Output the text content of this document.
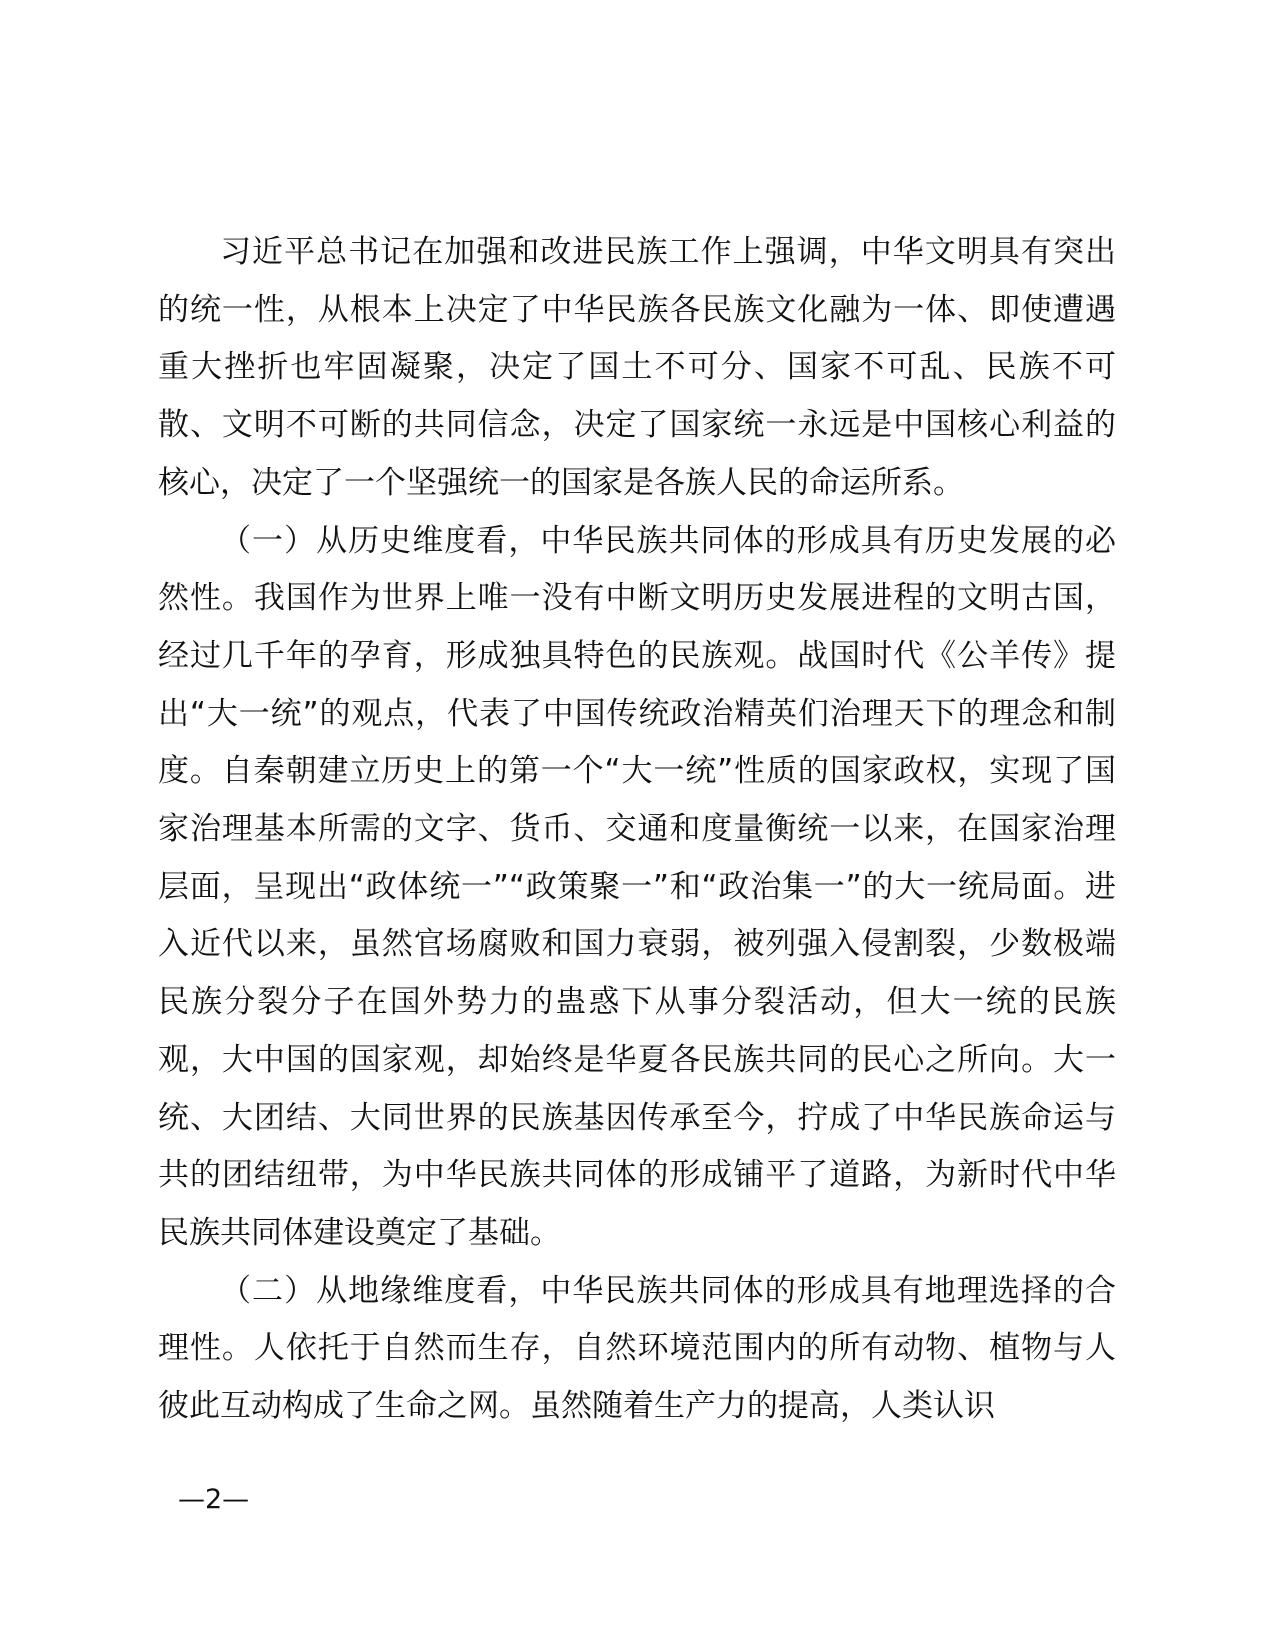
习近平总书记在加强和改进民族工作上强调，中华文明具有突出的统一性，从根本上决定了中华民族各民族文化融为一体、即使遭遇重大挫折也牢固凝聚，决定了国土不可分、国家不可乱、民族不可散、文明不可断的共同信念，决定了国家统一永远是中国核心利益的核心，决定了一个坚强统一的国家是各族人民的命运所系。

（一）从历史维度看，中华民族共同体的形成具有历史发展的必然性。我国作为世界上唯一没有中断文明历史发展进程的文明古国，经过几千年的孕育，形成独具特色的民族观。战国时代《公羊传》提出“大一统”的观点，代表了中国传统政治精英们治理天下的理念和制度。自秦朝建立历史上的第一个“大一统”性质的国家政权，实现了国家治理基本所需的文字、货币、交通和度量衡统一以来，在国家治理层面，呈现出“政体统一”“政策聚一”和“政治集一”的大一统局面。进入近代以来，虽然官场腐败和国力衰弱，被列强入侵割裂，少数极端民族分裂分子在国外势力的蛊惑下从事分裂活动，但大一统的民族观，大中国的国家观，却始终是华夏各民族共同的民心之所向。大一统、大团结、大同世界的民族基因传承至今，拧成了中华民族命运与共的团结纽带，为中华民族共同体的形成铺平了道路，为新时代中华民族共同体建设奠定了基础。

（二）从地缘维度看，中华民族共同体的形成具有地理选择的合理性。人依托于自然而生存，自然环境范围内的所有动物、植物与人彼此互动构成了生命之网。虽然随着生产力的提高，人类认识

—2—
